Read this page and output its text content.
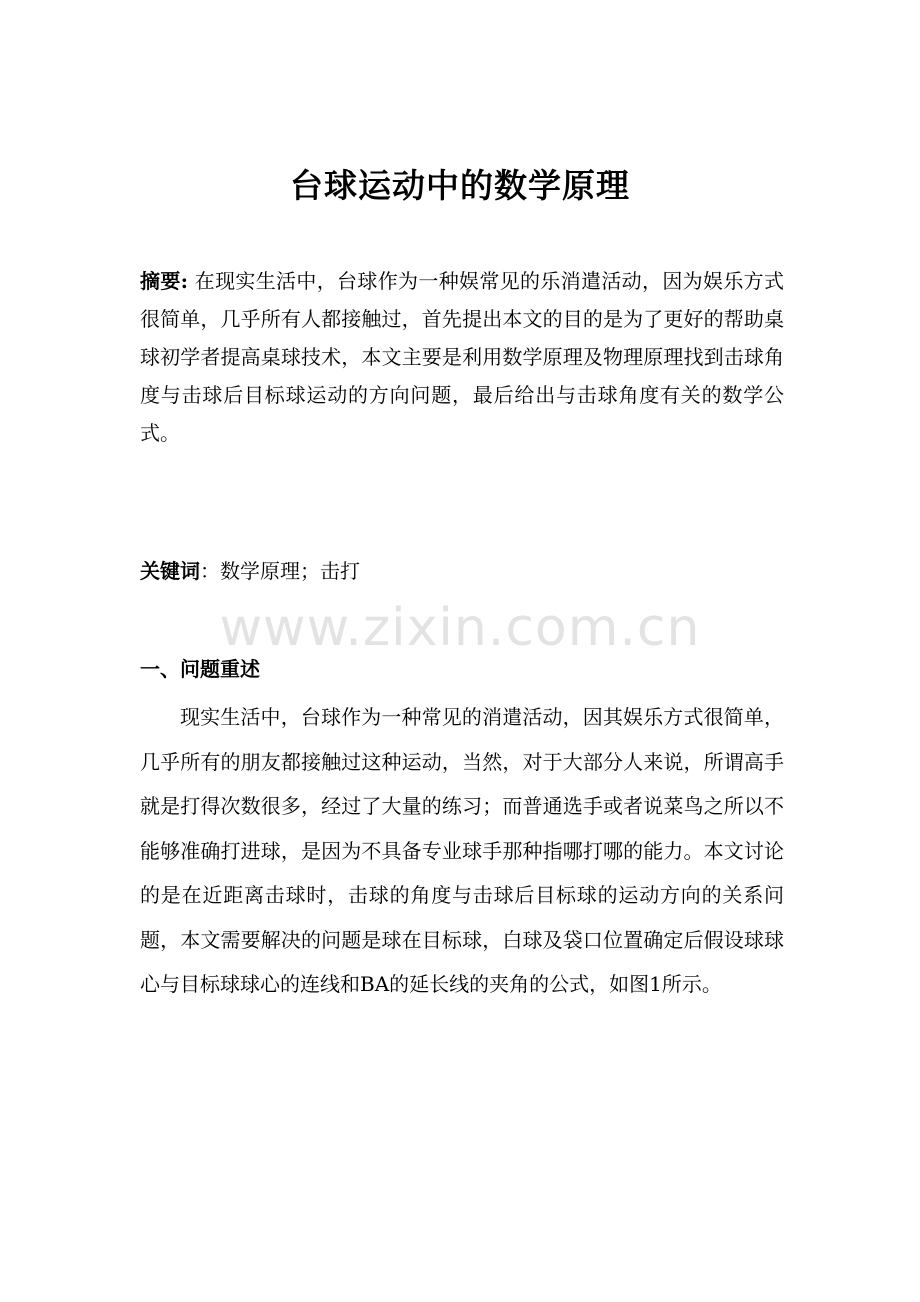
台球运动中的数学原理

摘要: 在现实生活中，台球作为一种娱常见的乐消遣活动，因为娱乐方式很简单，几乎所有人都接触过，首先提出本文的目的是为了更好的帮助桌球初学者提高桌球技术，本文主要是利用数学原理及物理原理找到击球角度与击球后目标球运动的方向问题，最后给出与击球角度有关的数学公式。

关键词：数学原理；击打

www.zixin.com.cn
一、问题重述

现实生活中，台球作为一种常见的消遣活动，因其娱乐方式很简单，几乎所有的朋友都接触过这种运动，当然，对于大部分人来说，所谓高手就是打得次数很多，经过了大量的练习；而普通选手或者说菜鸟之所以不能够准确打进球，是因为不具备专业球手那种指哪打哪的能力。本文讨论的是在近距离击球时，击球的角度与击球后目标球的运动方向的关系问题，本文需要解决的问题是球在目标球，白球及袋口位置确定后假设球球心与目标球球心的连线和BA的延长线的夹角的公式，如图1所示。
